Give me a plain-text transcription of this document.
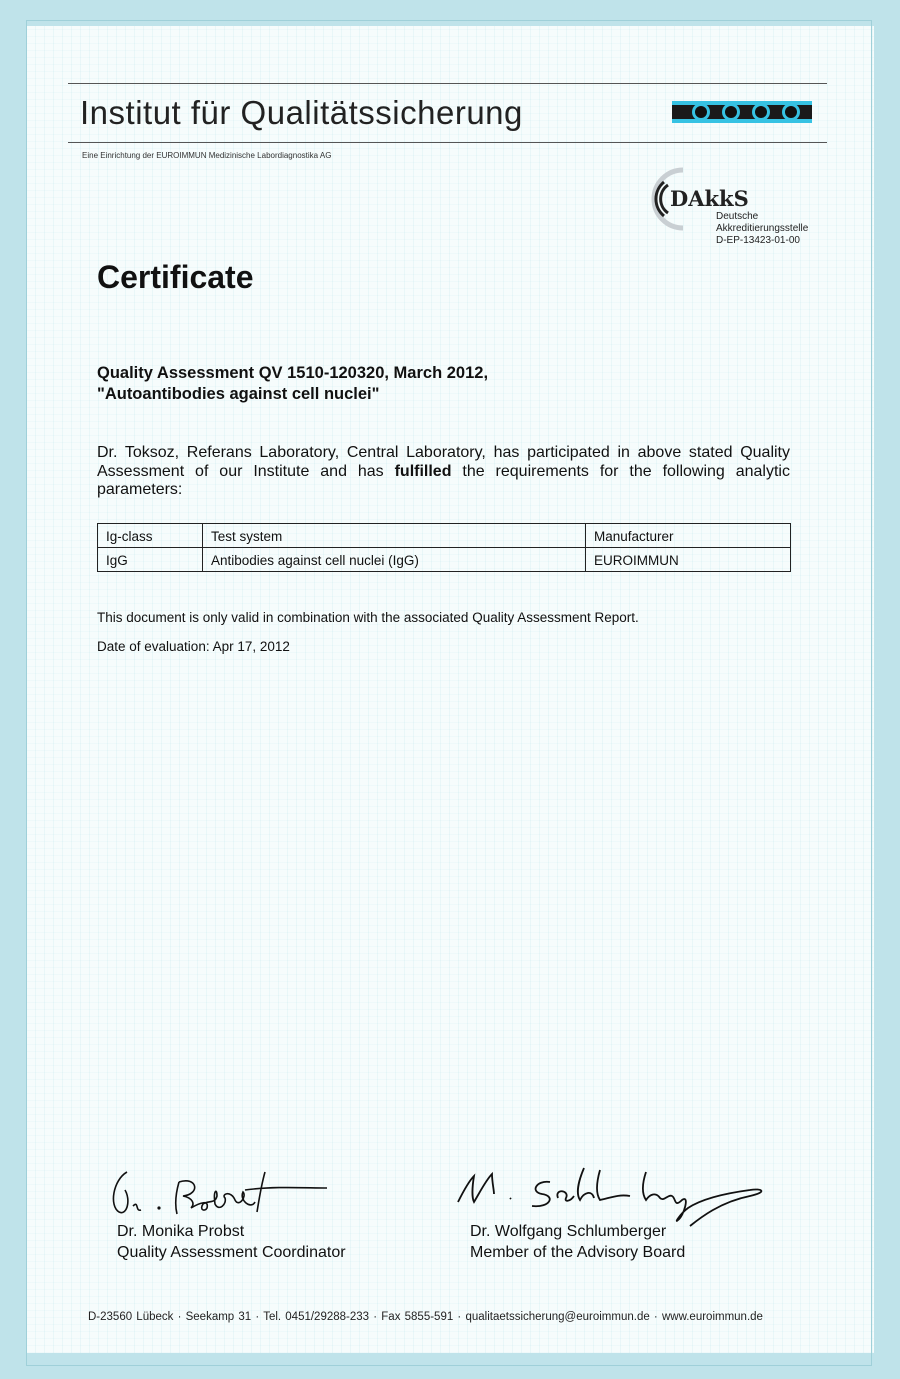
Institut für Qualitätssicherung
Eine Einrichtung der EUROIMMUN Medizinische Labordiagnostika AG
DAkkS
Deutsche
Akkreditierungsstelle
D-EP-13423-01-00
Certificate
Quality Assessment QV 1510-120320, March 2012,
"Autoantibodies against cell nuclei"
Dr. Toksoz, Referans Laboratory, Central Laboratory, has participated in above stated Quality Assessment of our Institute and has fulfilled the requirements for the following analytic parameters:
Ig-class	Test system	Manufacturer
IgG	Antibodies against cell nuclei (IgG)	EUROIMMUN
This document is only valid in combination with the associated Quality Assessment Report.
Date of evaluation: Apr 17, 2012
Dr. Monika Probst
Quality Assessment Coordinator
Dr. Wolfgang Schlumberger
Member of the Advisory Board
D-23560 Lübeck · Seekamp 31 · Tel. 0451/29288-233 · Fax 5855-591 · qualitaetssicherung@euroimmun.de · www.euroimmun.de
